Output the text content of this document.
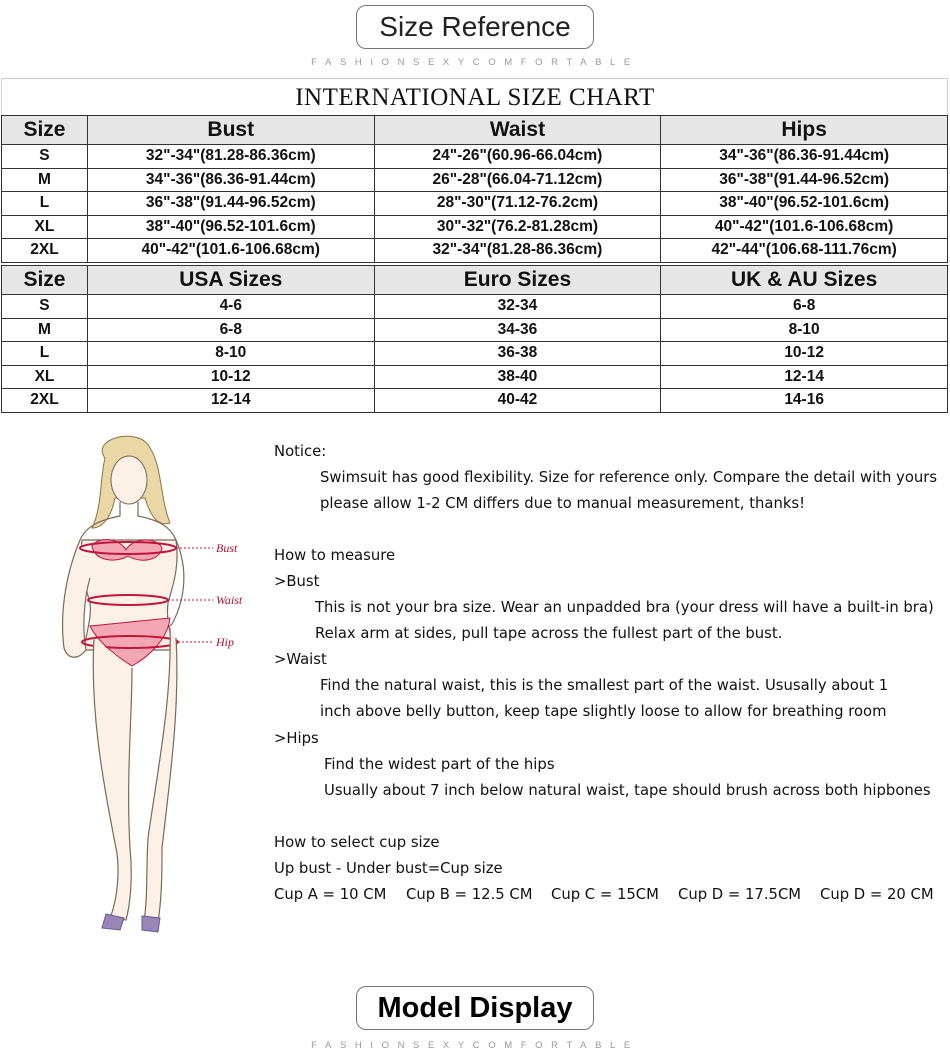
Size Reference
FASHIONSEXYCOMFORTABLE
INTERNATIONAL SIZE CHART
Size	Bust	Waist	Hips
S	32"-34"(81.28-86.36cm)	24"-26"(60.96-66.04cm)	34"-36"(86.36-91.44cm)
M	34"-36"(86.36-91.44cm)	26"-28"(66.04-71.12cm)	36"-38"(91.44-96.52cm)
L	36"-38"(91.44-96.52cm)	28"-30"(71.12-76.2cm)	38"-40"(96.52-101.6cm)
XL	38"-40"(96.52-101.6cm)	30"-32"(76.2-81.28cm)	40"-42"(101.6-106.68cm)
2XL	40"-42"(101.6-106.68cm)	32"-34"(81.28-86.36cm)	42"-44"(106.68-111.76cm)
Size	USA Sizes	Euro Sizes	UK & AU Sizes
S	4-6	32-34	6-8
M	6-8	34-36	8-10
L	8-10	36-38	10-12
XL	10-12	38-40	12-14
2XL	12-14	40-42	14-16
Bust
Waist
Hip
Notice:
Swimsuit has good flexibility. Size for reference only. Compare the detail with yours
please allow 1-2 CM differs due to manual measurement, thanks!
How to measure
>Bust
This is not your bra size. Wear an unpadded bra (your dress will have a built-in bra)
Relax arm at sides, pull tape across the fullest part of the bust.
>Waist
Find the natural waist, this is the smallest part of the waist. Ususally about 1
inch above belly button, keep tape slightly loose to allow for breathing room
>Hips
Find the widest part of the hips
Usually about 7 inch below natural waist, tape should brush across both hipbones
How to select cup size
Up bust - Under bust=Cup size
Cup A = 10 CM Cup B = 12.5 CM Cup C = 15CM Cup D = 17.5CM Cup D = 20 CM
Model Display
FASHIONSEXYCOMFORTABLE
